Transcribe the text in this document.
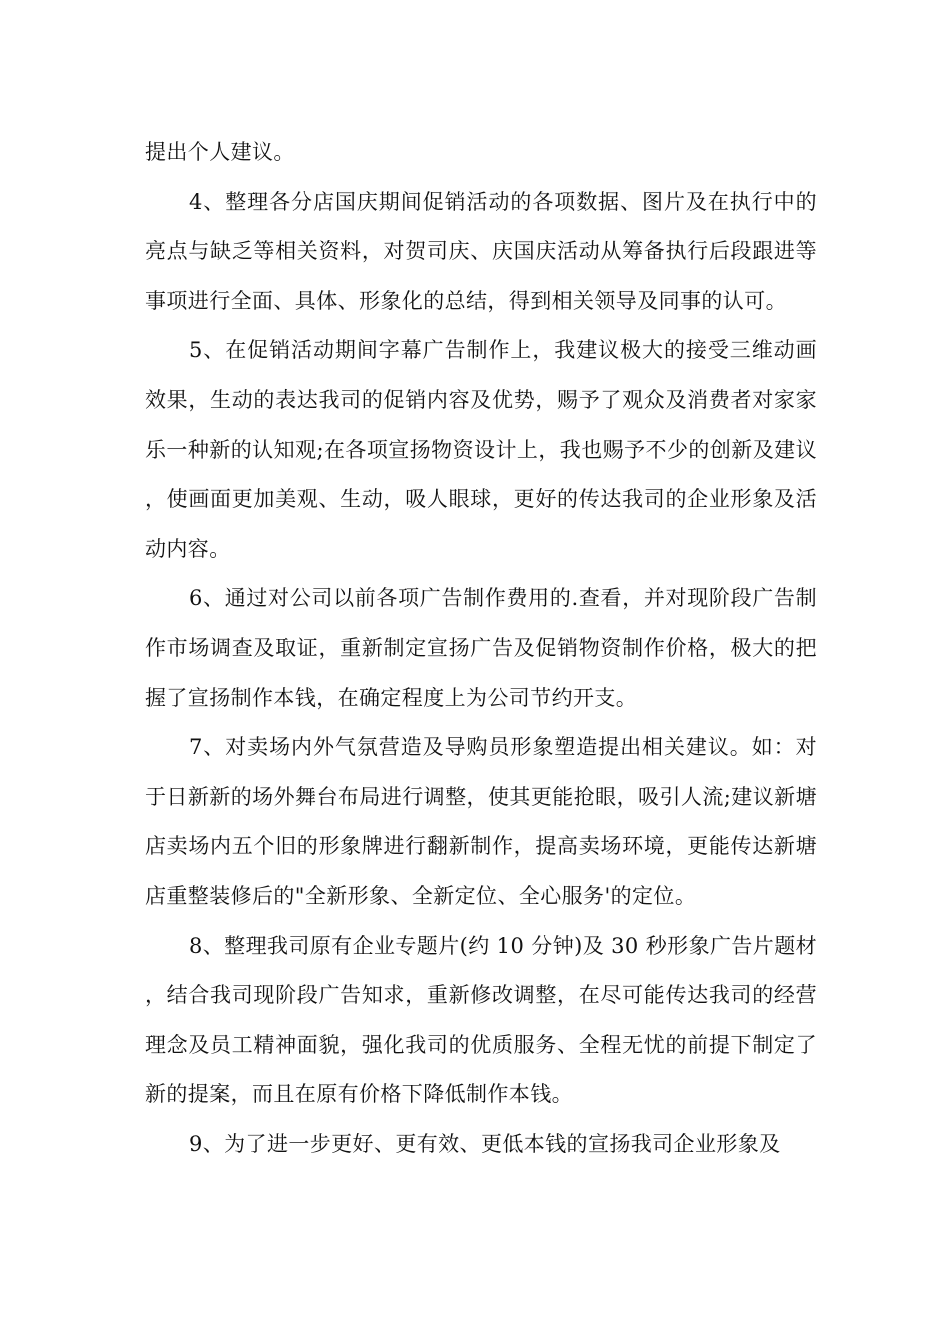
提出个人建议。

4、整理各分店国庆期间促销活动的各项数据、图片及在执行中的亮点与缺乏等相关资料，对贺司庆、庆国庆活动从筹备执行后段跟进等事项进行全面、具体、形象化的总结，得到相关领导及同事的认可。

5、在促销活动期间字幕广告制作上，我建议极大的接受三维动画效果，生动的表达我司的促销内容及优势，赐予了观众及消费者对家家乐一种新的认知观;在各项宣扬物资设计上，我也赐予不少的创新及建议，使画面更加美观、生动，吸人眼球，更好的传达我司的企业形象及活动内容。

6、通过对公司以前各项广告制作费用的.查看，并对现阶段广告制作市场调查及取证，重新制定宣扬广告及促销物资制作价格，极大的把握了宣扬制作本钱，在确定程度上为公司节约开支。

7、对卖场内外气氛营造及导购员形象塑造提出相关建议。如：对于日新新的场外舞台布局进行调整，使其更能抢眼，吸引人流;建议新塘店卖场内五个旧的形象牌进行翻新制作，提高卖场环境，更能传达新塘店重整装修后的"全新形象、全新定位、全心服务'的定位。

8、整理我司原有企业专题片(约 10 分钟)及 30 秒形象广告片题材，结合我司现阶段广告知求，重新修改调整，在尽可能传达我司的经营理念及员工精神面貌，强化我司的优质服务、全程无忧的前提下制定了新的提案，而且在原有价格下降低制作本钱。

9、为了进一步更好、更有效、更低本钱的宣扬我司企业形象及
